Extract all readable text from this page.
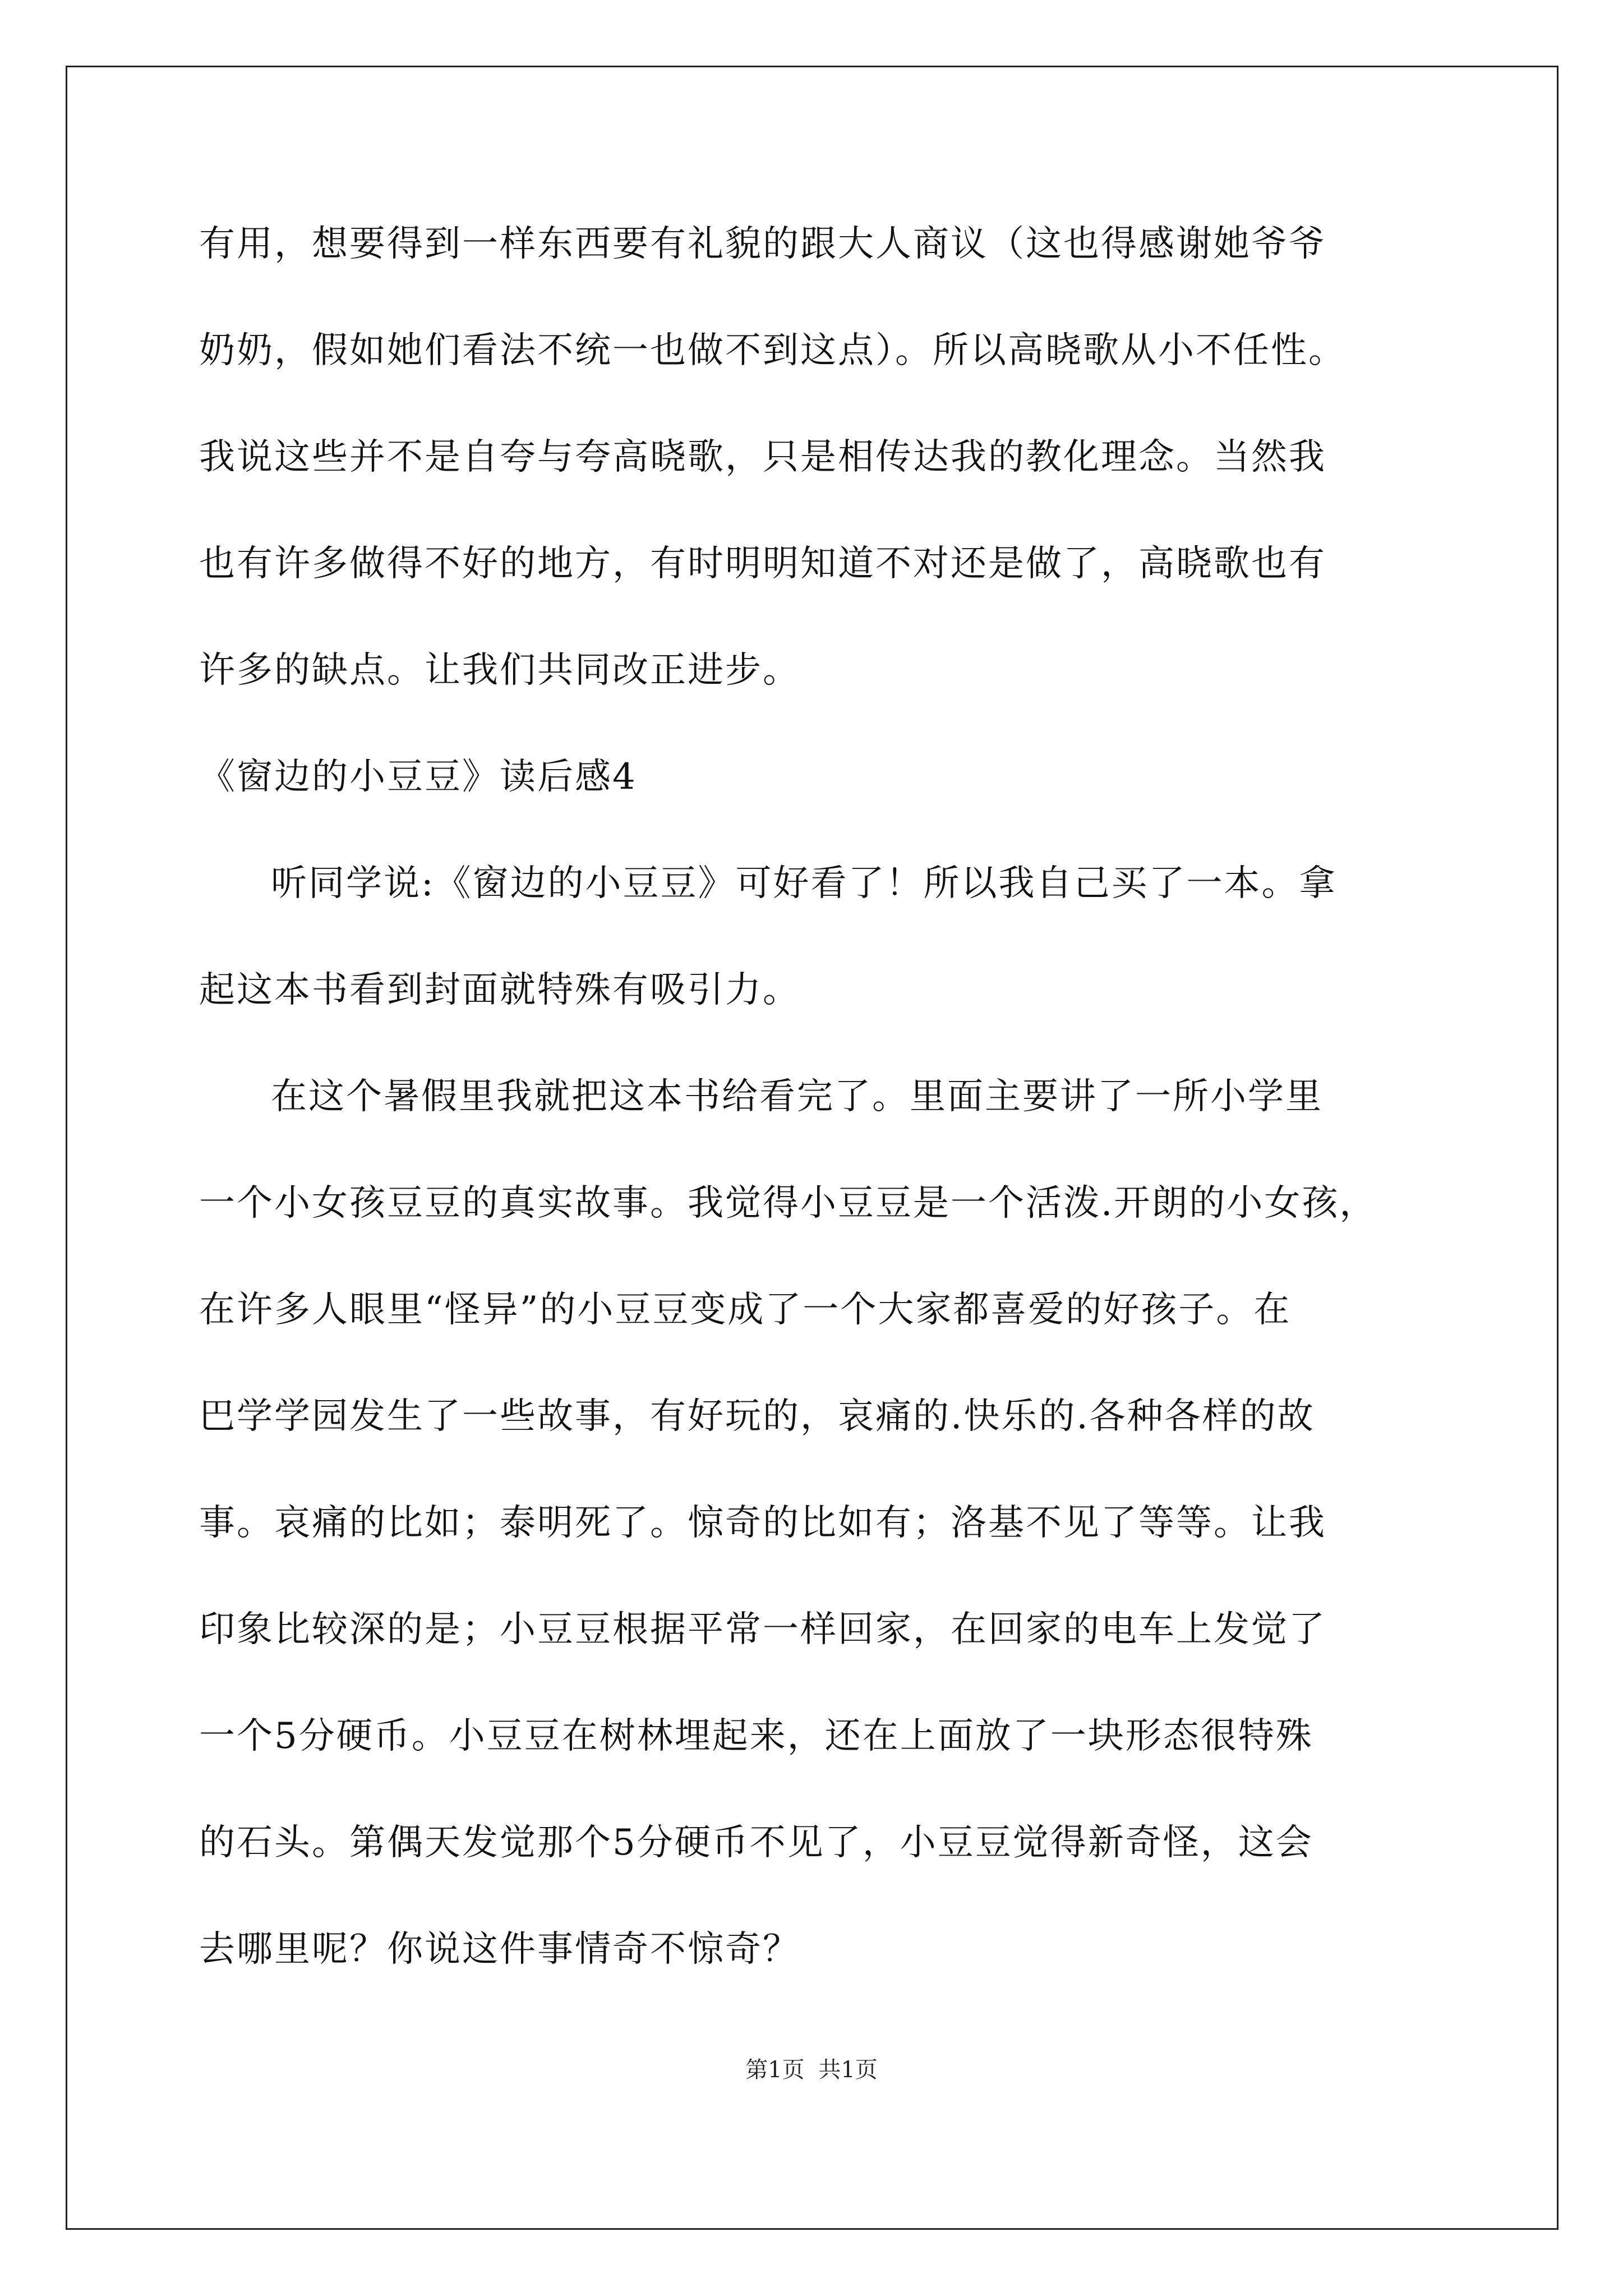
有用，想要得到一样东西要有礼貌的跟大人商议（这也得感谢她爷爷
奶奶，假如她们看法不统一也做不到这点）。所以高晓歌从小不任性。
我说这些并不是自夸与夸高晓歌，只是相传达我的教化理念。当然我
也有许多做得不好的地方，有时明明知道不对还是做了，高晓歌也有
许多的缺点。让我们共同改正进步。
《窗边的小豆豆》读后感4
听同学说:《窗边的小豆豆》可好看了！所以我自己买了一本。拿
起这本书看到封面就特殊有吸引力。
在这个暑假里我就把这本书给看完了。里面主要讲了一所小学里
一个小女孩豆豆的真实故事。我觉得小豆豆是一个活泼.开朗的小女孩，
在许多人眼里“怪异”的小豆豆变成了一个大家都喜爱的好孩子。在
巴学学园发生了一些故事，有好玩的，哀痛的.快乐的.各种各样的故
事。哀痛的比如；泰明死了。惊奇的比如有；洛基不见了等等。让我
印象比较深的是；小豆豆根据平常一样回家，在回家的电车上发觉了
一个5分硬币。小豆豆在树林埋起来，还在上面放了一块形态很特殊
的石头。第偶天发觉那个5分硬币不见了，小豆豆觉得新奇怪，这会
去哪里呢？你说这件事情奇不惊奇？
第1页 共1页
